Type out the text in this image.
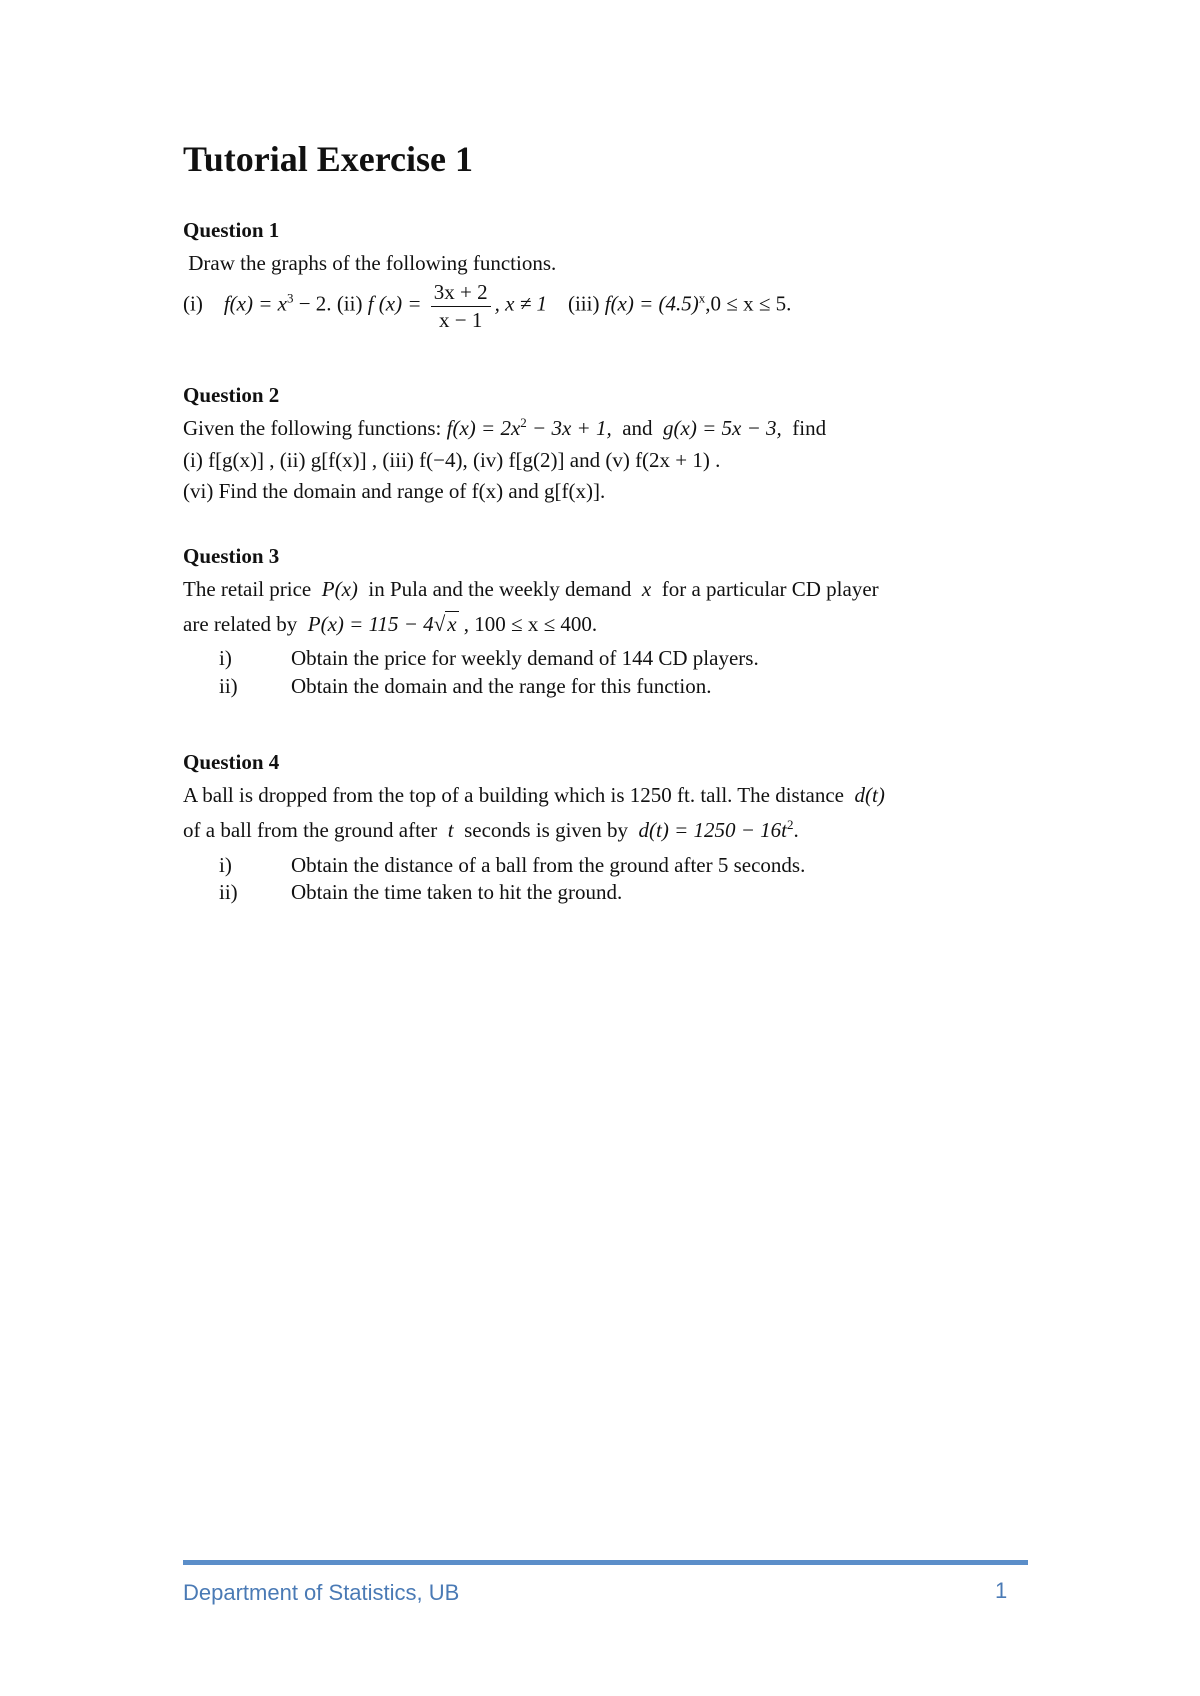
Tutorial Exercise 1
Question 1

Draw the graphs of the following functions.

(i) $f(x) = x^3 - 2$. (ii) f $(x) = \frac{3x + 2}{x - 1}$ , x ≠ 1 (iii) $f(x) = (4.5)^x,0 \le x \le 5$.

Question 2

Given the following functions: $f(x) = 2x^2 - 3x + 1$, and g(x) = 5x − 3, find

(i) f[g(x)] , (ii) g[f(x)] , (iii) f(−4), (iv) f[g(2)] and (v) f(2x + 1) .

(vi) Find the domain and range of f(x) and g[f(x)].

Question 3

The retail price P(x) in Pula and the weekly demand x for a particular CD player

are related by P(x) = 115 − 4√x , 100 ≤ x ≤ 400.

i)	Obtain the price for weekly demand of 144 CD players.
ii)	Obtain the domain and the range for this function.
Question 4

A ball is dropped from the top of a building which is 1250 ft. tall. The distance d(t)

of a ball from the ground after t seconds is given by $d(t) = 1250 - 16t^2$.

i)	Obtain the distance of a ball from the ground after 5 seconds.
ii)	Obtain the time taken to hit the ground.
Department of Statistics, UB	1
